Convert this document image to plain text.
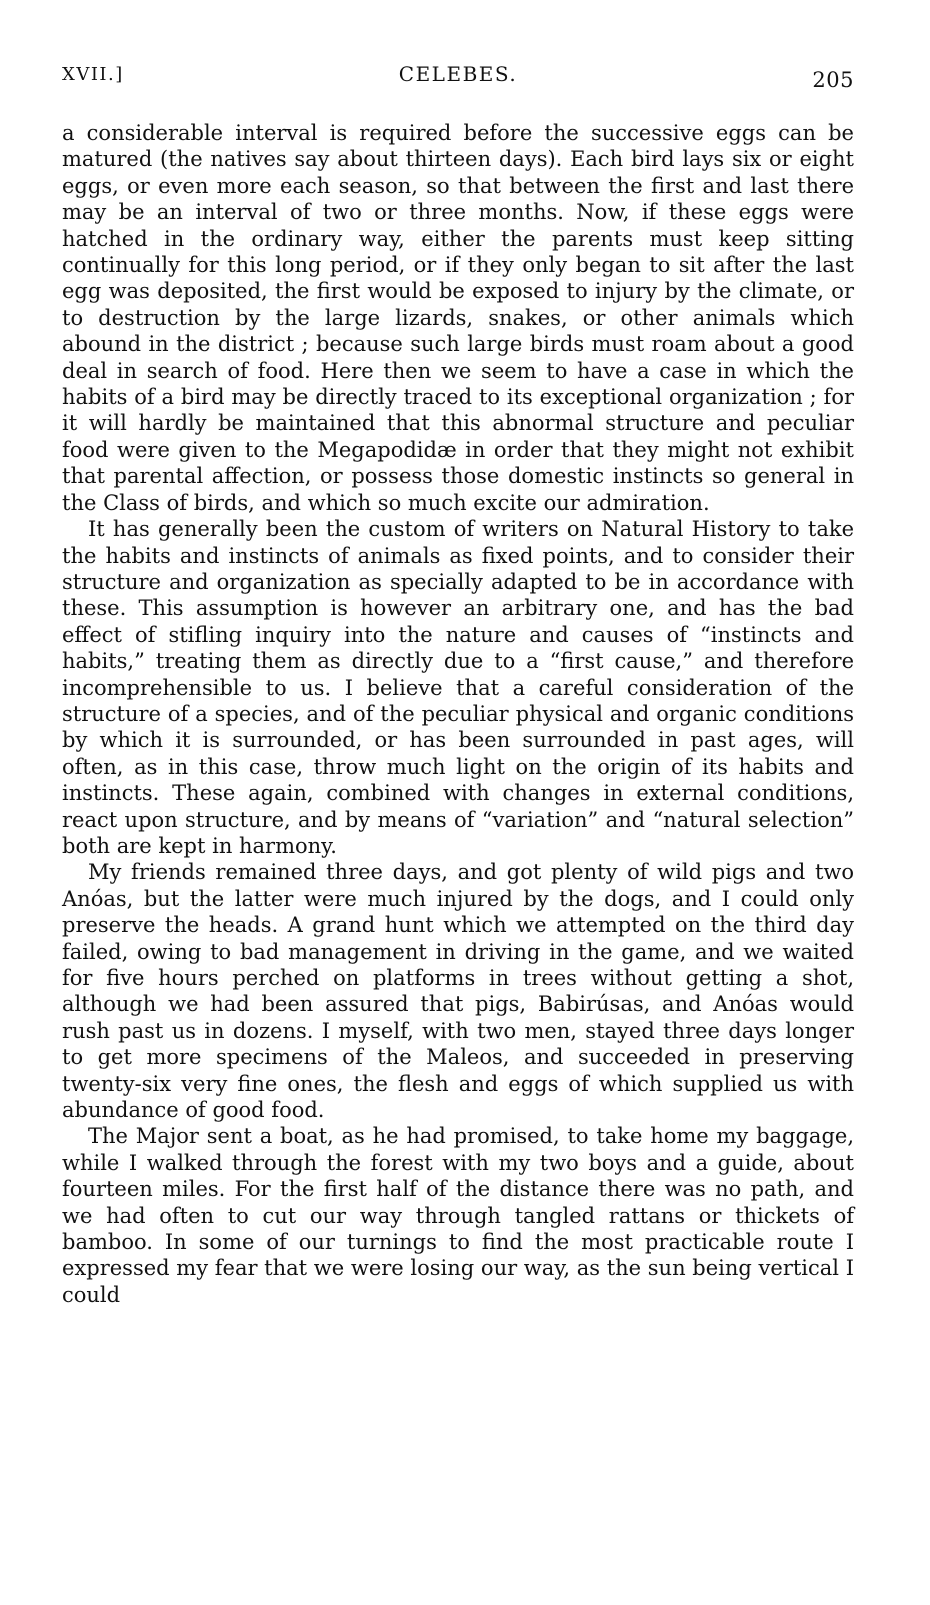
XVII.]	CELEBES.	205

a considerable interval is required before the successive eggs can be matured (the natives say about thirteen days). Each bird lays six or eight eggs, or even more each season, so that between the first and last there may be an interval of two or three months. Now, if these eggs were hatched in the ordinary way, either the parents must keep sitting continually for this long period, or if they only began to sit after the last egg was deposited, the first would be exposed to injury by the climate, or to destruction by the large lizards, snakes, or other animals which abound in the district ; because such large birds must roam about a good deal in search of food. Here then we seem to have a case in which the habits of a bird may be directly traced to its exceptional organization ; for it will hardly be maintained that this abnormal structure and peculiar food were given to the Megapodidæ in order that they might not exhibit that parental affection, or possess those domestic instincts so general in the Class of birds, and which so much excite our admiration.

It has generally been the custom of writers on Natural History to take the habits and instincts of animals as fixed points, and to consider their structure and organization as specially adapted to be in accordance with these. This assumption is however an arbitrary one, and has the bad effect of stifling inquiry into the nature and causes of “instincts and habits,” treating them as directly due to a “first cause,” and therefore incomprehensible to us. I believe that a careful consideration of the structure of a species, and of the peculiar physical and organic conditions by which it is surrounded, or has been surrounded in past ages, will often, as in this case, throw much light on the origin of its habits and instincts. These again, combined with changes in external conditions, react upon structure, and by means of “variation” and “natural selection” both are kept in harmony.

My friends remained three days, and got plenty of wild pigs and two Anóas, but the latter were much injured by the dogs, and I could only preserve the heads. A grand hunt which we attempted on the third day failed, owing to bad management in driving in the game, and we waited for five hours perched on platforms in trees without getting a shot, although we had been assured that pigs, Babirúsas, and Anóas would rush past us in dozens. I myself, with two men, stayed three days longer to get more specimens of the Maleos, and succeeded in preserving twenty-six very fine ones, the flesh and eggs of which supplied us with abundance of good food.

The Major sent a boat, as he had promised, to take home my baggage, while I walked through the forest with my two boys and a guide, about fourteen miles. For the first half of the distance there was no path, and we had often to cut our way through tangled rattans or thickets of bamboo. In some of our turnings to find the most practicable route I expressed my fear that we were losing our way, as the sun being vertical I could
